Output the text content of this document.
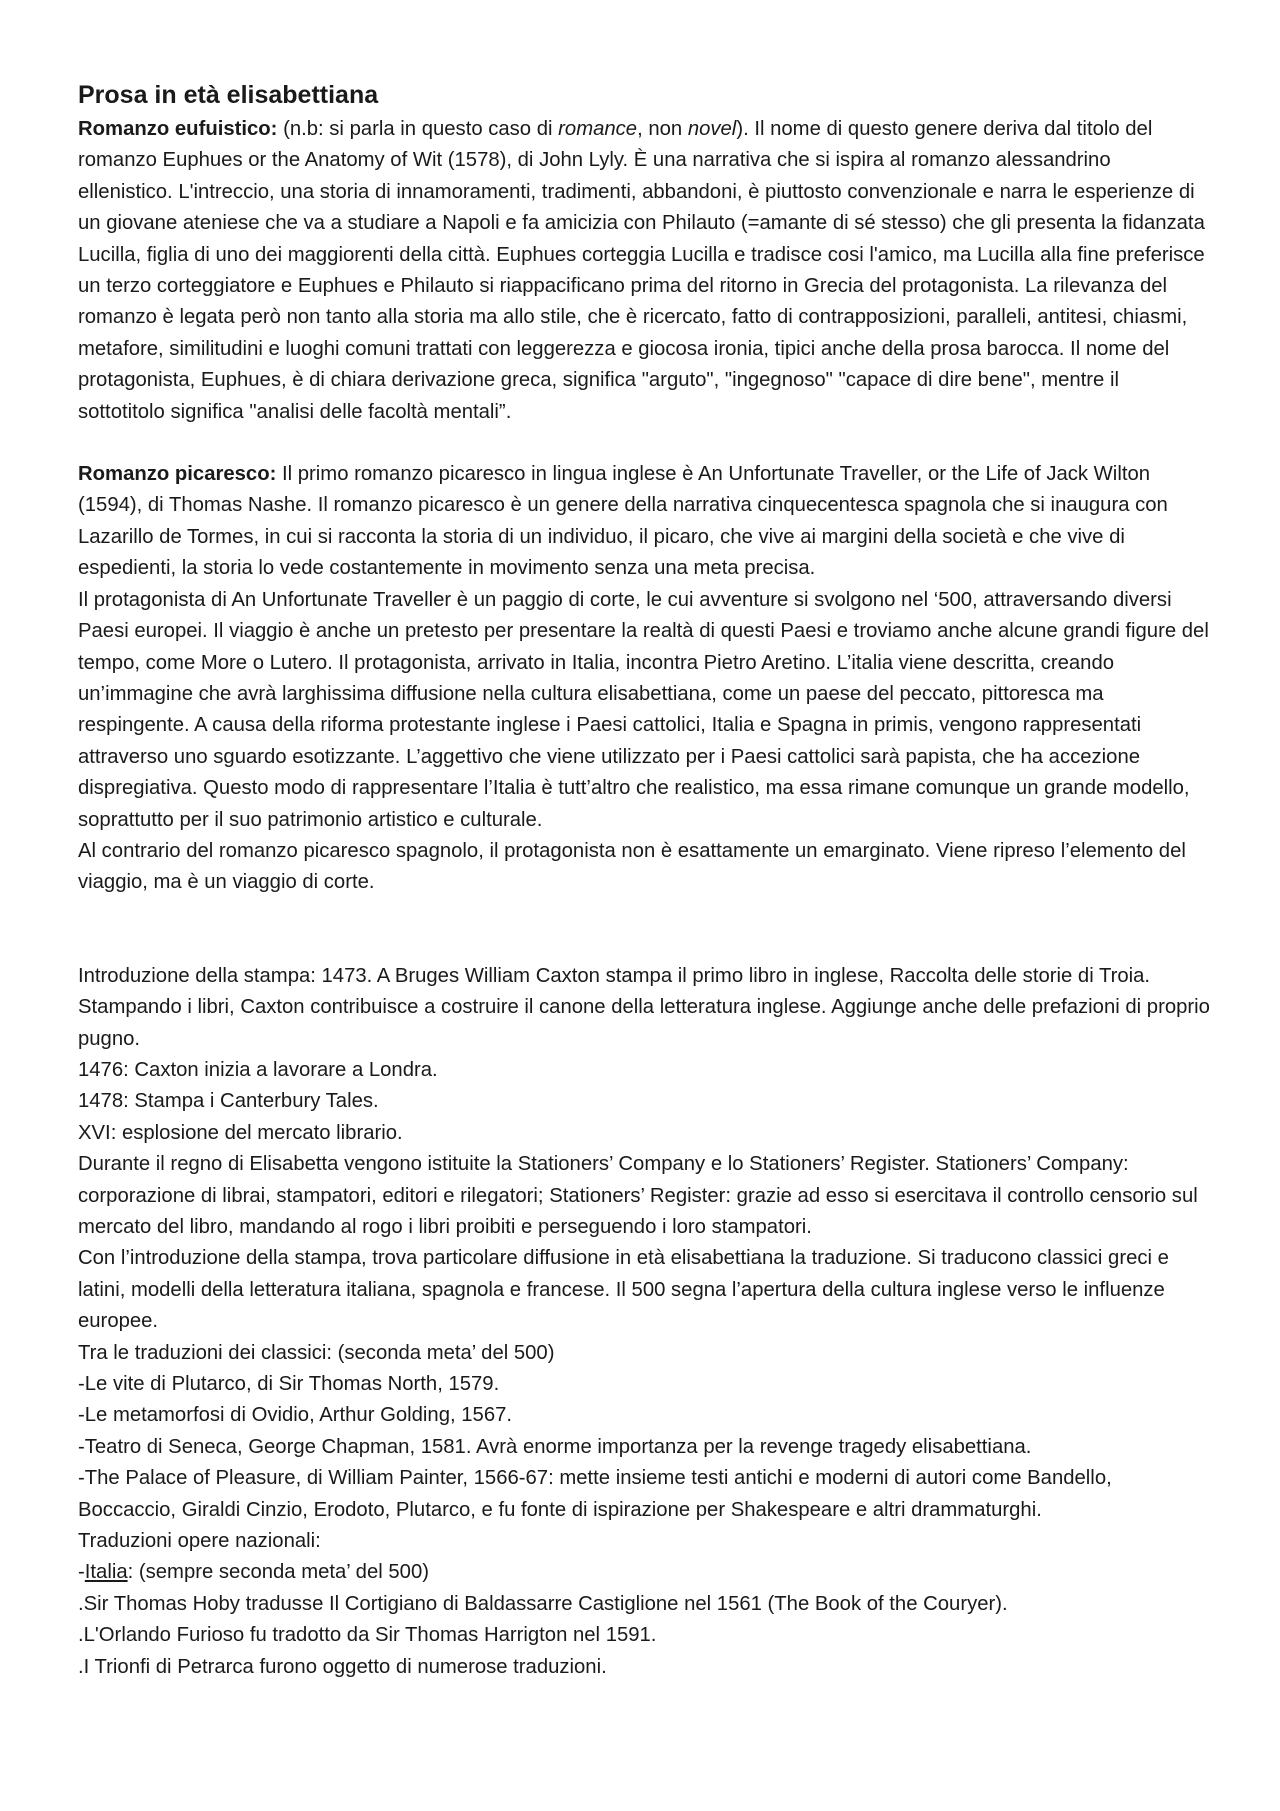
Prosa in età elisabettiana

Romanzo eufuistico: (n.b: si parla in questo caso di romance, non novel). Il nome di questo genere deriva dal titolo del romanzo Euphues or the Anatomy of Wit (1578), di John Lyly. È una narrativa che si ispira al romanzo alessandrino ellenistico. L'intreccio, una storia di innamoramenti, tradimenti, abbandoni, è piuttosto convenzionale e narra le esperienze di un giovane ateniese che va a studiare a Napoli e fa amicizia con Philauto (=amante di sé stesso) che gli presenta la fidanzata Lucilla, figlia di uno dei maggiorenti della città. Euphues corteggia Lucilla e tradisce cosi l'amico, ma Lucilla alla fine preferisce un terzo corteggiatore e Euphues e Philauto si riappacificano prima del ritorno in Grecia del protagonista. La rilevanza del romanzo è legata però non tanto alla storia ma allo stile, che è ricercato, fatto di contrapposizioni, paralleli, antitesi, chiasmi, metafore, similitudini e luoghi comuni trattati con leggerezza e giocosa ironia, tipici anche della prosa barocca. Il nome del protagonista, Euphues, è di chiara derivazione greca, significa "arguto", "ingegnoso" "capace di dire bene", mentre il sottotitolo significa "analisi delle facoltà mentali”.

Romanzo picaresco: Il primo romanzo picaresco in lingua inglese è An Unfortunate Traveller, or the Life of Jack Wilton (1594), di Thomas Nashe. Il romanzo picaresco è un genere della narrativa cinquecentesca spagnola che si inaugura con Lazarillo de Tormes, in cui si racconta la storia di un individuo, il picaro, che vive ai margini della società e che vive di espedienti, la storia lo vede costantemente in movimento senza una meta precisa.

Il protagonista di An Unfortunate Traveller è un paggio di corte, le cui avventure si svolgono nel ‘500, attraversando diversi Paesi europei. Il viaggio è anche un pretesto per presentare la realtà di questi Paesi e troviamo anche alcune grandi figure del tempo, come More o Lutero. Il protagonista, arrivato in Italia, incontra Pietro Aretino. L’italia viene descritta, creando un’immagine che avrà larghissima diffusione nella cultura elisabettiana, come un paese del peccato, pittoresca ma respingente. A causa della riforma protestante inglese i Paesi cattolici, Italia e Spagna in primis, vengono rappresentati attraverso uno sguardo esotizzante. L’aggettivo che viene utilizzato per i Paesi cattolici sarà papista, che ha accezione dispregiativa. Questo modo di rappresentare l’Italia è tutt’altro che realistico, ma essa rimane comunque un grande modello, soprattutto per il suo patrimonio artistico e culturale.

Al contrario del romanzo picaresco spagnolo, il protagonista non è esattamente un emarginato. Viene ripreso l’elemento del viaggio, ma è un viaggio di corte.

Introduzione della stampa: 1473. A Bruges William Caxton stampa il primo libro in inglese, Raccolta delle storie di Troia. Stampando i libri, Caxton contribuisce a costruire il canone della letteratura inglese. Aggiunge anche delle prefazioni di proprio pugno.

1476: Caxton inizia a lavorare a Londra.

1478: Stampa i Canterbury Tales.

XVI: esplosione del mercato librario.

Durante il regno di Elisabetta vengono istituite la Stationers’ Company e lo Stationers’ Register. Stationers’ Company: corporazione di librai, stampatori, editori e rilegatori; Stationers’ Register: grazie ad esso si esercitava il controllo censorio sul mercato del libro, mandando al rogo i libri proibiti e perseguendo i loro stampatori.

Con l’introduzione della stampa, trova particolare diffusione in età elisabettiana la traduzione. Si traducono classici greci e latini, modelli della letteratura italiana, spagnola e francese. Il 500 segna l’apertura della cultura inglese verso le influenze europee.

Tra le traduzioni dei classici: (seconda meta’ del 500)

-Le vite di Plutarco, di Sir Thomas North, 1579.

-Le metamorfosi di Ovidio, Arthur Golding, 1567.

-Teatro di Seneca, George Chapman, 1581. Avrà enorme importanza per la revenge tragedy elisabettiana.

-The Palace of Pleasure, di William Painter, 1566-67: mette insieme testi antichi e moderni di autori come Bandello, Boccaccio, Giraldi Cinzio, Erodoto, Plutarco, e fu fonte di ispirazione per Shakespeare e altri drammaturghi.

Traduzioni opere nazionali:

-Italia: (sempre seconda meta’ del 500)

.Sir Thomas Hoby tradusse Il Cortigiano di Baldassarre Castiglione nel 1561 (The Book of the Couryer).

.L'Orlando Furioso fu tradotto da Sir Thomas Harrigton nel 1591.

.I Trionfi di Petrarca furono oggetto di numerose traduzioni.
